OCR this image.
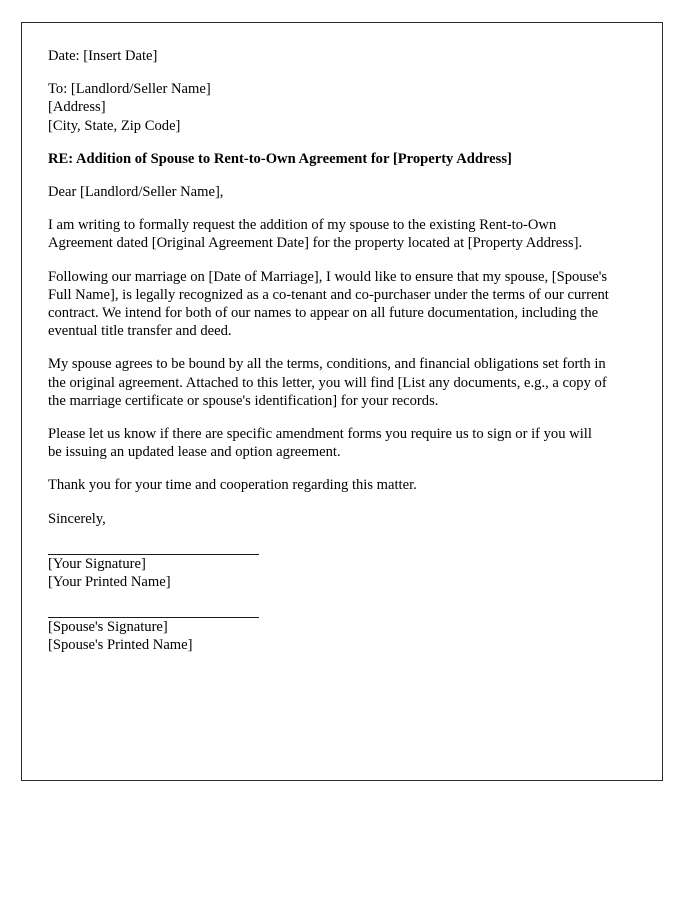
Date: [Insert Date]
To: [Landlord/Seller Name]
[Address]
[City, State, Zip Code]
RE: Addition of Spouse to Rent-to-Own Agreement for [Property Address]
Dear [Landlord/Seller Name],
I am writing to formally request the addition of my spouse to the existing Rent-to-Own Agreement dated [Original Agreement Date] for the property located at [Property Address].
Following our marriage on [Date of Marriage], I would like to ensure that my spouse, [Spouse's Full Name], is legally recognized as a co-tenant and co-purchaser under the terms of our current contract. We intend for both of our names to appear on all future documentation, including the eventual title transfer and deed.
My spouse agrees to be bound by all the terms, conditions, and financial obligations set forth in the original agreement. Attached to this letter, you will find [List any documents, e.g., a copy of the marriage certificate or spouse's identification] for your records.
Please let us know if there are specific amendment forms you require us to sign or if you will be issuing an updated lease and option agreement.
Thank you for your time and cooperation regarding this matter.
Sincerely,
[Your Signature]
[Your Printed Name]
[Spouse's Signature]
[Spouse's Printed Name]
